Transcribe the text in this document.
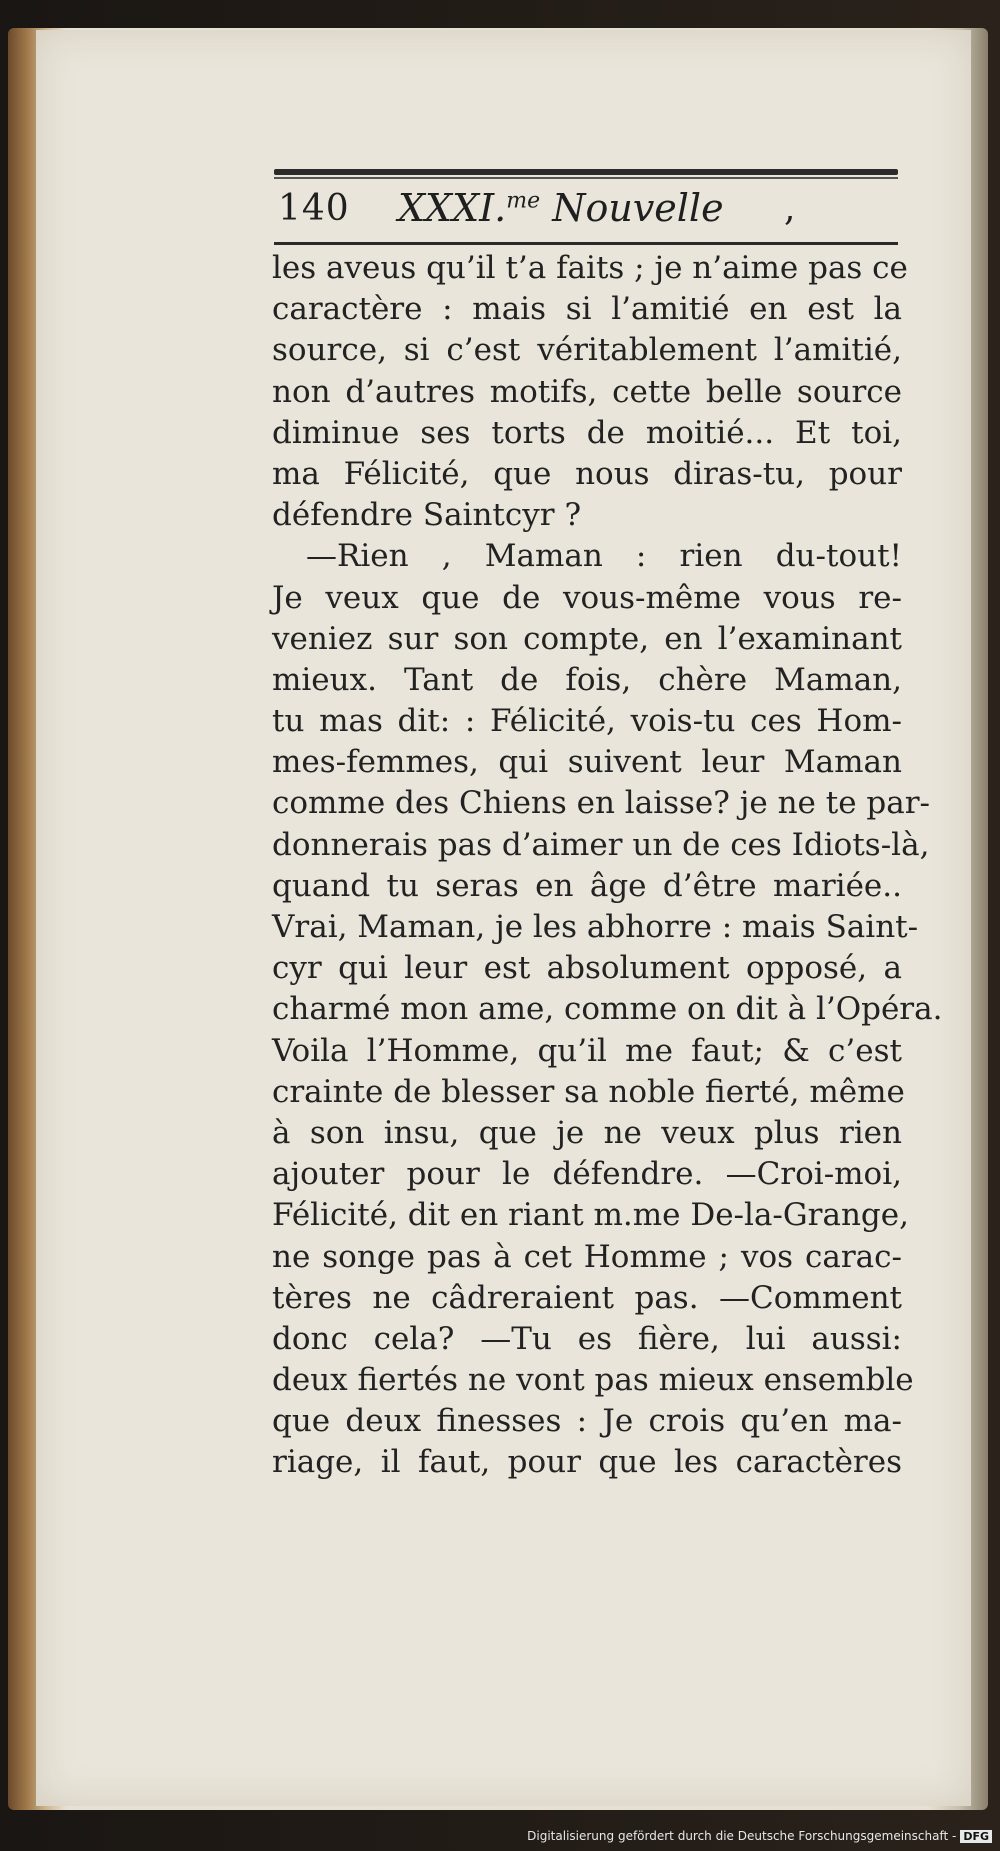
140 XXXI.$^{me}$ Nouvelle ,
les aveus qu’il t’a faits ; je n’aime pas ce
caractère : mais si l’amitié en est la
source, si c’est véritablement l’amitié,
non d’autres motifs, cette belle source
diminue ses torts de moitié... Et toi,
ma Félicité, que nous diras-tu, pour
défendre Saintcyr ?
—Rien , Maman : rien du-tout!
Je veux que de vous-même vous re-
veniez sur son compte, en l’examinant
mieux. Tant de fois, chère Maman,
tu mas dit: : Félicité, vois-tu ces Hom-
mes-femmes, qui suivent leur Maman
comme des Chiens en laisse? je ne te par-
donnerais pas d’aimer un de ces Idiots-là,
quand tu seras en âge d’être mariée..
Vrai, Maman, je les abhorre : mais Saint-
cyr qui leur est absolument opposé, a
charmé mon ame, comme on dit à l’Opéra.
Voila l’Homme, qu’il me faut; & c’est
crainte de blesser sa noble fierté, même
à son insu, que je ne veux plus rien
ajouter pour le défendre. —Croi-moi,
Félicité, dit en riant m.me De-la-Grange,
ne songe pas à cet Homme ; vos carac-
tères ne câdreraient pas. —Comment
donc cela? —Tu es fière, lui aussi:
deux fiertés ne vont pas mieux ensemble
que deux finesses : Je crois qu’en ma-
riage, il faut, pour que les caractères
Digitalisierung gefördert durch die Deutsche Forschungsgemeinschaft - DFG
